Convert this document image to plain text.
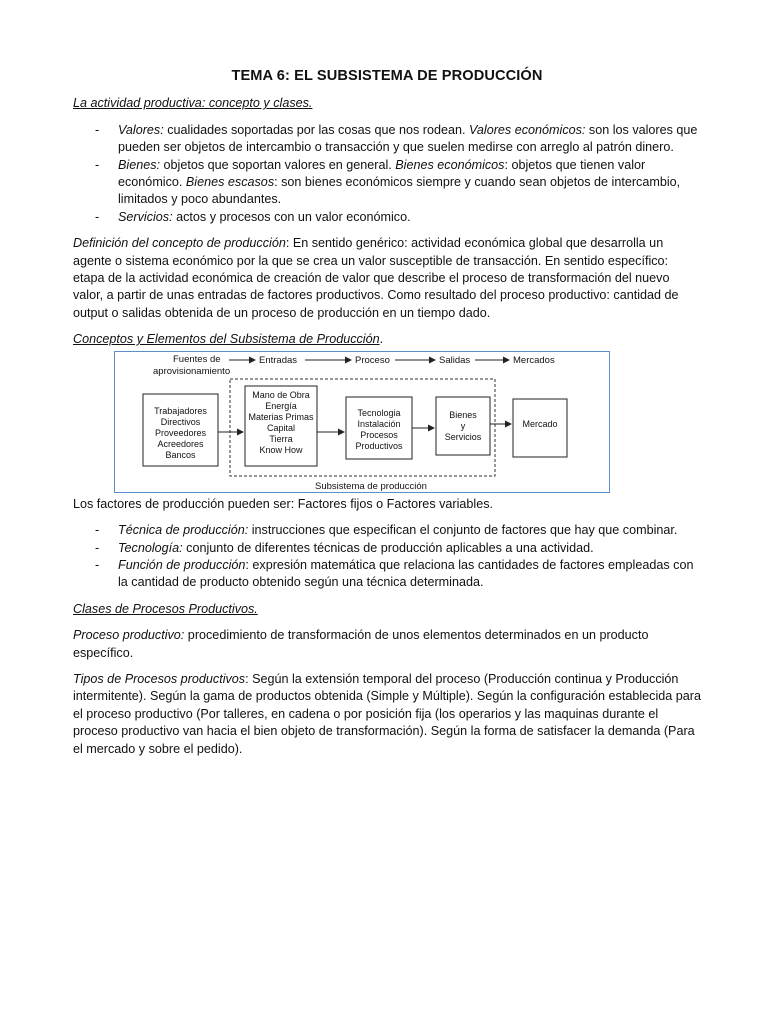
TEMA 6: EL SUBSISTEMA DE PRODUCCIÓN

La actividad productiva: concepto y clases.

- Valores: cualidades soportadas por las cosas que nos rodean. Valores económicos: son los valores que pueden ser objetos de intercambio o transacción y que suelen medirse con arreglo al patrón dinero.
- Bienes: objetos que soportan valores en general. Bienes económicos: objetos que tienen valor económico. Bienes escasos: son bienes económicos siempre y cuando sean objetos de intercambio, limitados y poco abundantes.
- Servicios: actos y procesos con un valor económico.

Definición del concepto de producción: En sentido genérico: actividad económica global que desarrolla un agente o sistema económico por la que se crea un valor susceptible de transacción. En sentido específico: etapa de la actividad económica de creación de valor que describe el proceso de transformación del nuevo valor, a partir de unas entradas de factores productivos. Como resultado del proceso productivo: cantidad de output o salidas obtenida de un proceso de producción en un tiempo dado.

Conceptos y Elementos del Subsistema de Producción.

Fuentes de
aprovisionamiento
Entradas	Proceso	Salidas	Mercados
Subsistema de producción
Trabajadores
Directivos
Proveedores
Acreedores
Bancos
Mano de Obra
Energía
Materias Primas
Capital
Tierra
Know How
Tecnologia
Instalación
Procesos
Productivos
Bienes
y
Servicios
Mercado

Los factores de producción pueden ser: Factores fijos o Factores variables.

- Técnica de producción: instrucciones que especifican el conjunto de factores que hay que combinar.
- Tecnología: conjunto de diferentes técnicas de producción aplicables a una actividad.
- Función de producción: expresión matemática que relaciona las cantidades de factores empleadas con la cantidad de producto obtenido según una técnica determinada.

Clases de Procesos Productivos.

Proceso productivo: procedimiento de transformación de unos elementos determinados en un producto específico.

Tipos de Procesos productivos: Según la extensión temporal del proceso (Producción continua y Producción intermitente). Según la gama de productos obtenida (Simple y Múltiple). Según la configuración establecida para el proceso productivo (Por talleres, en cadena o por posición fija (los operarios y las maquinas durante el proceso productivo van hacia el bien objeto de transformación). Según la forma de satisfacer la demanda (Para el mercado y sobre el pedido).
